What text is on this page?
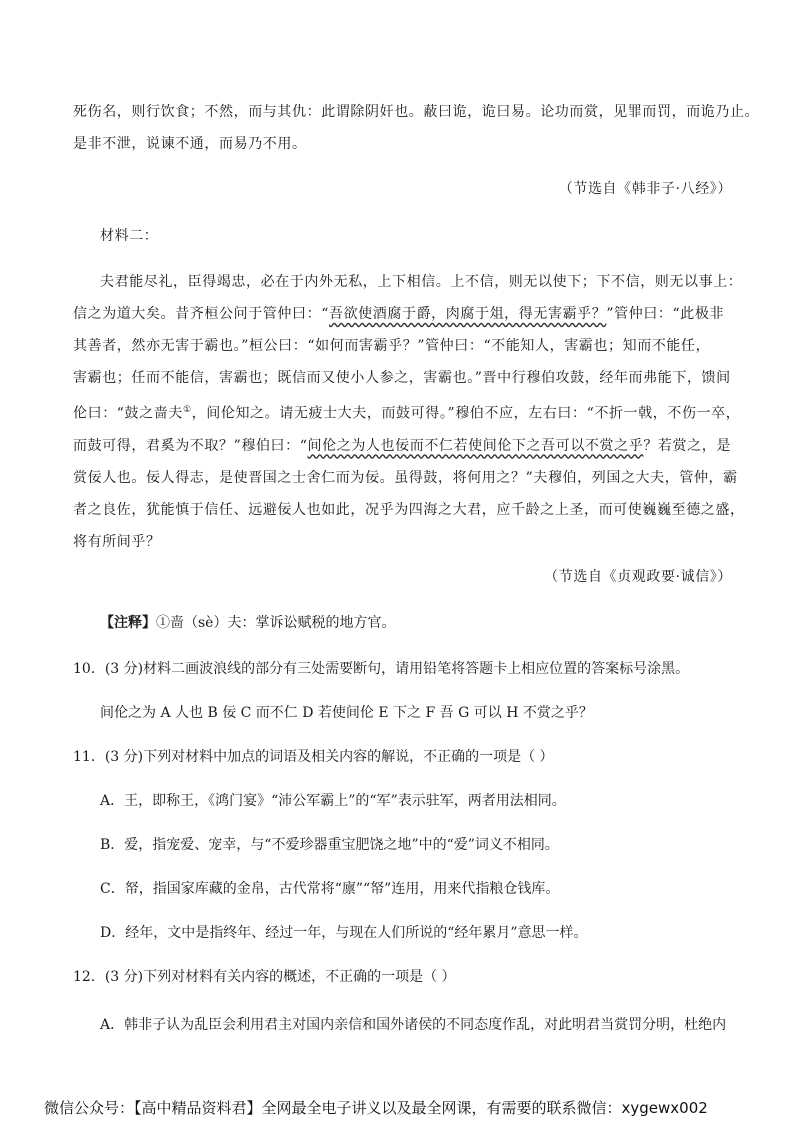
死伤名，则行饮食；不然，而与其仇：此谓除阴奸也。蔽曰诡，诡曰易。论功而赏，见罪而罚，而诡乃止。
是非不泄，说谏不通，而易乃不用。

（节选自《韩非子·八经》）

材料二：

夫君能尽礼，臣得竭忠，必在于内外无私，上下相信。上不信，则无以使下；下不信，则无以事上：
信之为道大矣。昔齐桓公问于管仲曰：“吾欲使酒腐于爵，肉腐于俎，得无害霸乎？”管仲曰：“此极非
其善者，然亦无害于霸也。”桓公曰：“如何而害霸乎？”管仲曰：“不能知人，害霸也；知而不能任，
害霸也；任而不能信，害霸也；既信而又使小人参之，害霸也。”晋中行穆伯攻鼓，经年而弗能下，馈间
伦曰：“鼓之啬夫①，间伦知之。请无疲士大夫，而鼓可得。”穆伯不应，左右曰：“不折一戟，不伤一卒，
而鼓可得，君奚为不取？”穆伯曰：“间伦之为人也佞而不仁若使间伦下之吾可以不赏之乎？若赏之，是
赏佞人也。佞人得志，是使晋国之士舍仁而为佞。虽得鼓，将何用之？”夫穆伯，列国之大夫，管仲，霸
者之良佐，犹能慎于信任、远避佞人也如此，况乎为四海之大君，应千龄之上圣，而可使巍巍至德之盛，
将有所间乎？

（节选自《贞观政要·诚信》）

【注释】①啬（sè）夫：掌诉讼赋税的地方官。

10．(3 分)材料二画波浪线的部分有三处需要断句，请用铅笔将答题卡上相应位置的答案标号涂黑。

间伦之为 A 人也 B 佞 C 而不仁 D 若使间伦 E 下之 F 吾 G 可以 H 不赏之乎？

11．(3 分)下列对材料中加点的词语及相关内容的解说，不正确的一项是（ ）

A．王，即称王，《鸿门宴》“沛公军霸上”的“军”表示驻军，两者用法相同。

B．爱，指宠爱、宠幸，与“不爱珍器重宝肥饶之地”中的“爱”词义不相同。

C．帑，指国家库藏的金帛，古代常将“廪”“帑”连用，用来代指粮仓钱库。

D．经年，文中是指终年、经过一年，与现在人们所说的“经年累月”意思一样。

12．(3 分)下列对材料有关内容的概述，不正确的一项是（ ）

A．韩非子认为乱臣会利用君主对国内亲信和国外诸侯的不同态度作乱，对此明君当赏罚分明，杜绝内

微信公众号：【高中精品资料君】全网最全电子讲义以及最全网课，有需要的联系微信：xygewx002
